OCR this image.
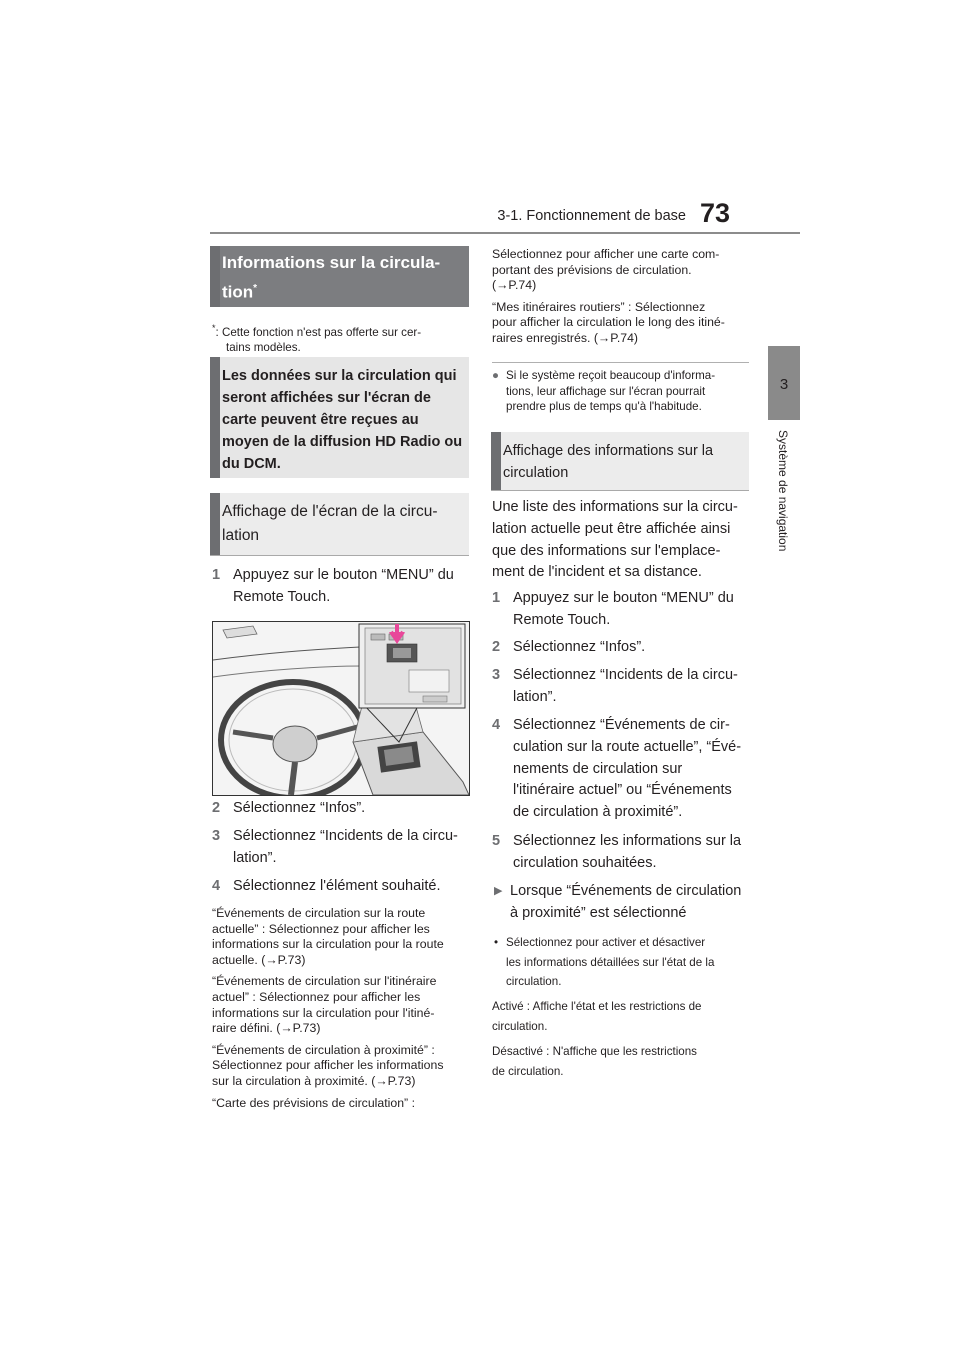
3-1. Fonctionnement de base 73
3
Système de navigation
Informations sur la circula-
tion*
*: Cette fonction n'est pas offerte sur cer-
tains modèles.
Les données sur la circulation qui
seront affichées sur l'écran de
carte peuvent être reçues au
moyen de la diffusion HD Radio ou
du DCM.
Affichage de l'écran de la circu-
lation
1 Appuyez sur le bouton “MENU” du
Remote Touch.
2 Sélectionnez “Infos”.
3 Sélectionnez “Incidents de la circu-
lation”.
4 Sélectionnez l'élément souhaité.
“Événements de circulation sur la route
actuelle” : Sélectionnez pour afficher les
informations sur la circulation pour la route
actuelle. (→P.73)
“Événements de circulation sur l'itinéraire
actuel” : Sélectionnez pour afficher les
informations sur la circulation pour l'itiné-
raire défini. (→P.73)
“Événements de circulation à proximité” :
Sélectionnez pour afficher les informations
sur la circulation à proximité. (→P.73)
“Carte des prévisions de circulation” :
Sélectionnez pour afficher une carte com-
portant des prévisions de circulation.
(→P.74)
“Mes itinéraires routiers” : Sélectionnez
pour afficher la circulation le long des itiné-
raires enregistrés. (→P.74)
● Si le système reçoit beaucoup d'informa-
tions, leur affichage sur l'écran pourrait
prendre plus de temps qu'à l'habitude.
Affichage des informations sur la
circulation
Une liste des informations sur la circu-
lation actuelle peut être affichée ainsi
que des informations sur l'emplace-
ment de l'incident et sa distance.
1 Appuyez sur le bouton “MENU” du
Remote Touch.
2 Sélectionnez “Infos”.
3 Sélectionnez “Incidents de la circu-
lation”.
4 Sélectionnez “Événements de cir-
culation sur la route actuelle”, “Évé-
nements de circulation sur
l'itinéraire actuel” ou “Événements
de circulation à proximité”.
5 Sélectionnez les informations sur la
circulation souhaitées.
▶ Lorsque “Événements de circulation
à proximité” est sélectionné
• Sélectionnez pour activer et désactiver
les informations détaillées sur l'état de la
circulation.
Activé : Affiche l'état et les restrictions de
circulation.
Désactivé : N'affiche que les restrictions
de circulation.
